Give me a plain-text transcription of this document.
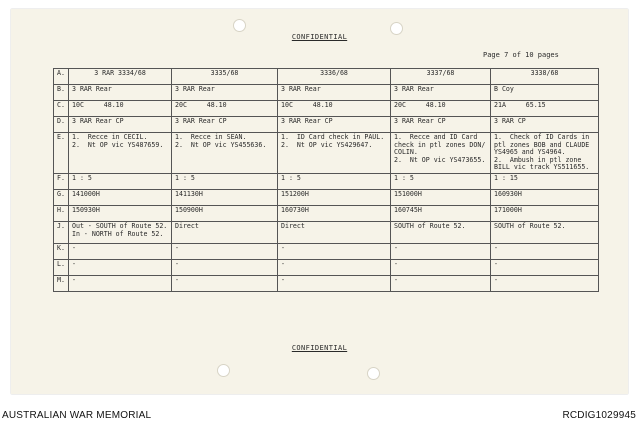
CONFIDENTIAL
Page 7 of 10 pages
A.	3 RAR 3334/68	3335/68	3336/68	3337/68	3338/68
B.	3 RAR Rear	3 RAR Rear	3 RAR Rear	3 RAR Rear	B Coy
C.	10C     48.10	20C     48.10	10C     48.10	20C     48.10	21A     65.15
D.	3 RAR Rear CP	3 RAR Rear CP	3 RAR Rear CP	3 RAR Rear CP	3 RAR CP
E.	1.  Recce in CECIL.
2.  Nt OP vic YS487659.	1.  Recce in SEAN.
2.  Nt OP vic YS455636.	1.  ID Card check in PAUL.
2.  Nt OP vic YS429647.	1.  Recce and ID Card
check in ptl zones DON/
COLIN.
2.  Nt OP vic YS473655.	1.  Check of ID Cards in
ptl zones BOB and CLAUDE
YS4965 and YS4964.
2.  Ambush in ptl zone
BILL vic track YS511655.
F.	1 : 5	1 : 5	1 : 5	1 : 5	1 : 15
G.	141000H	141130H	151200H	151000H	160930H
H.	150930H	150900H	160730H	160745H	171000H
J.	Out - SOUTH of Route 52.
In - NORTH of Route 52.	Direct	Direct	SOUTH of Route 52.	SOUTH of Route 52.
K.	-	-	-	-	-
L.	-	-	-	-	-
M.	-	-	-	-	-
CONFIDENTIAL
AUSTRALIAN WAR MEMORIAL	RCDIG1029945
